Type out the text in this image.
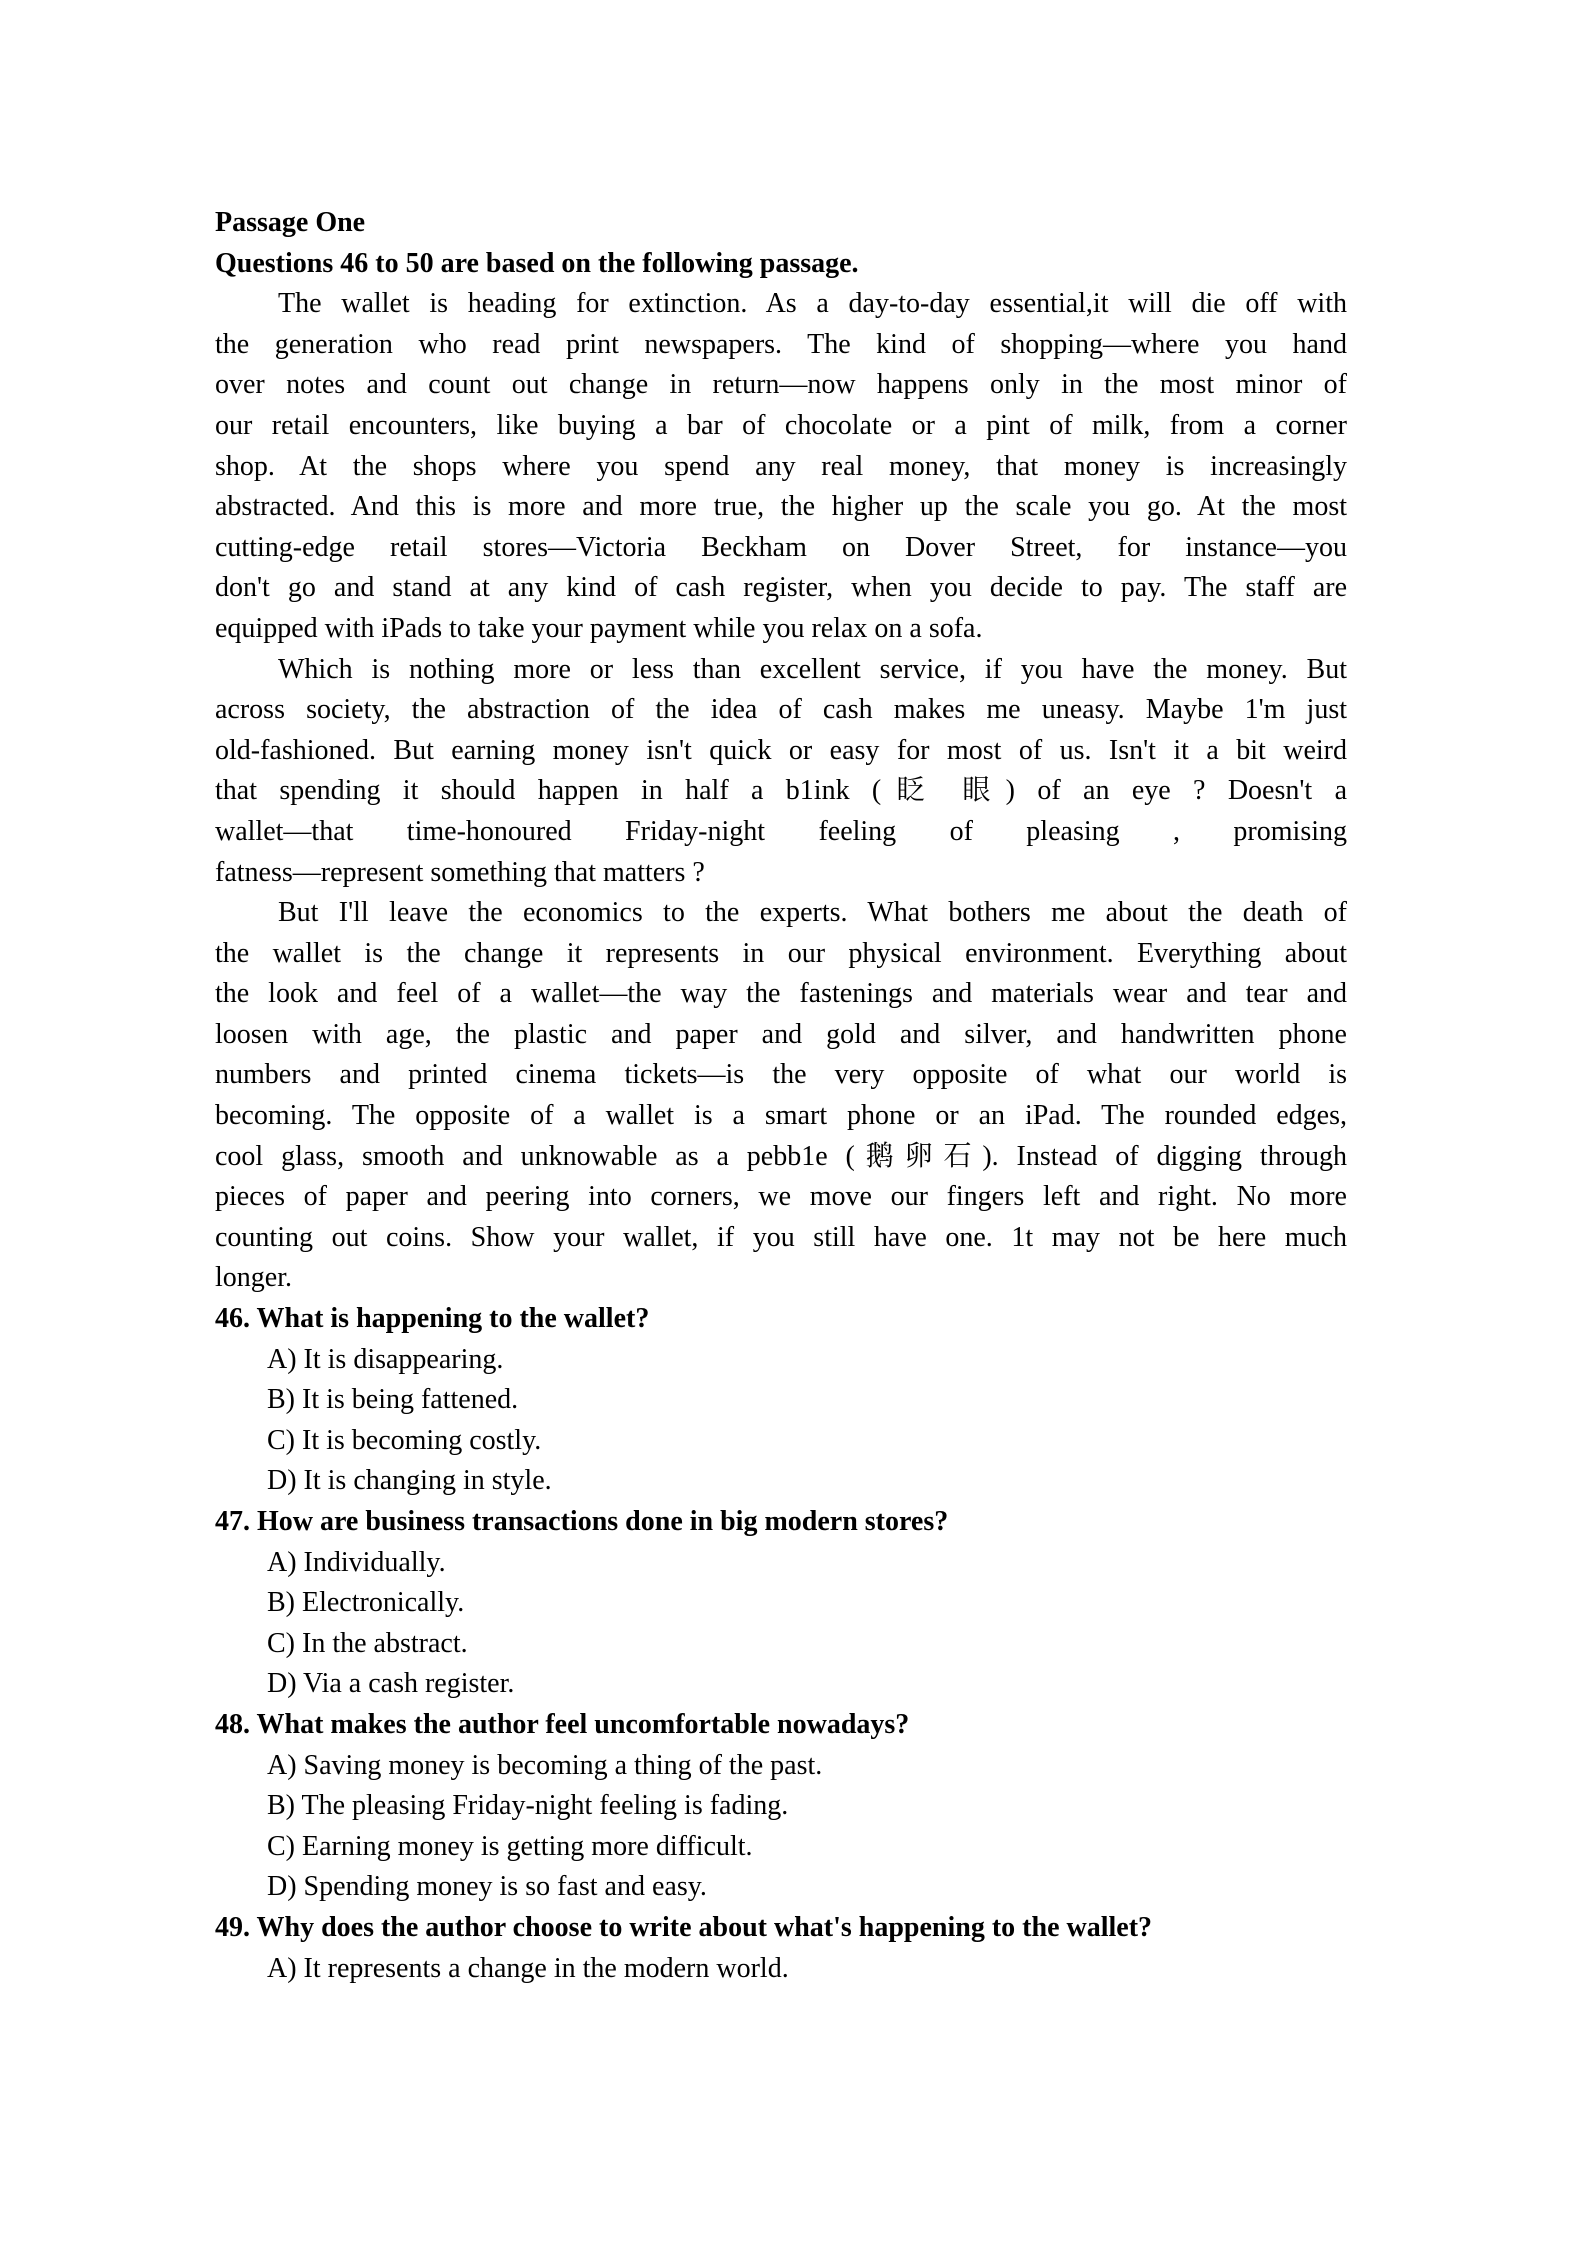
Passage One
Questions 46 to 50 are based on the following passage.
The wallet is heading for extinction. As a day-to-day essential,it will die off with
the generation who read print newspapers. The kind of shopping—where you hand
over notes and count out change in return—now happens only in the most minor of
our retail encounters, like buying a bar of chocolate or a pint of milk, from a corner
shop. At the shops where you spend any real money, that money is increasingly
abstracted. And this is more and more true, the higher up the scale you go. At the most
cutting-edge retail stores—Victoria Beckham on Dover Street, for instance—you
don't go and stand at any kind of cash register, when you decide to pay. The staff are
equipped with iPads to take your payment while you relax on a sofa.
Which is nothing more or less than excellent service, if you have the money. But
across society, the abstraction of the idea of cash makes me uneasy. Maybe 1'm just
old-fashioned. But earning money isn't quick or easy for most of us. Isn't it a bit weird
that spending it should happen in half a b1ink (眨 眼) of an eye ? Doesn't a
wallet—that time-honoured Friday-night feeling of pleasing , promising
fatness—represent something that matters ?
But I'll leave the economics to the experts. What bothers me about the death of
the wallet is the change it represents in our physical environment. Everything about
the look and feel of a wallet—the way the fastenings and materials wear and tear and
loosen with age, the plastic and paper and gold and silver, and handwritten phone
numbers and printed cinema tickets—is the very opposite of what our world is
becoming. The opposite of a wallet is a smart phone or an iPad. The rounded edges,
cool glass, smooth and unknowable as a pebb1e (鹅卵石). Instead of digging through
pieces of paper and peering into corners, we move our fingers left and right. No more
counting out coins. Show your wallet, if you still have one. 1t may not be here much
longer.
46. What is happening to the wallet?
A) It is disappearing.
B) It is being fattened.
C) It is becoming costly.
D) It is changing in style.
47. How are business transactions done in big modern stores?
A) Individually.
B) Electronically.
C) In the abstract.
D) Via a cash register.
48. What makes the author feel uncomfortable nowadays?
A) Saving money is becoming a thing of the past.
B) The pleasing Friday-night feeling is fading.
C) Earning money is getting more difficult.
D) Spending money is so fast and easy.
49. Why does the author choose to write about what's happening to the wallet?
A) It represents a change in the modern world.
